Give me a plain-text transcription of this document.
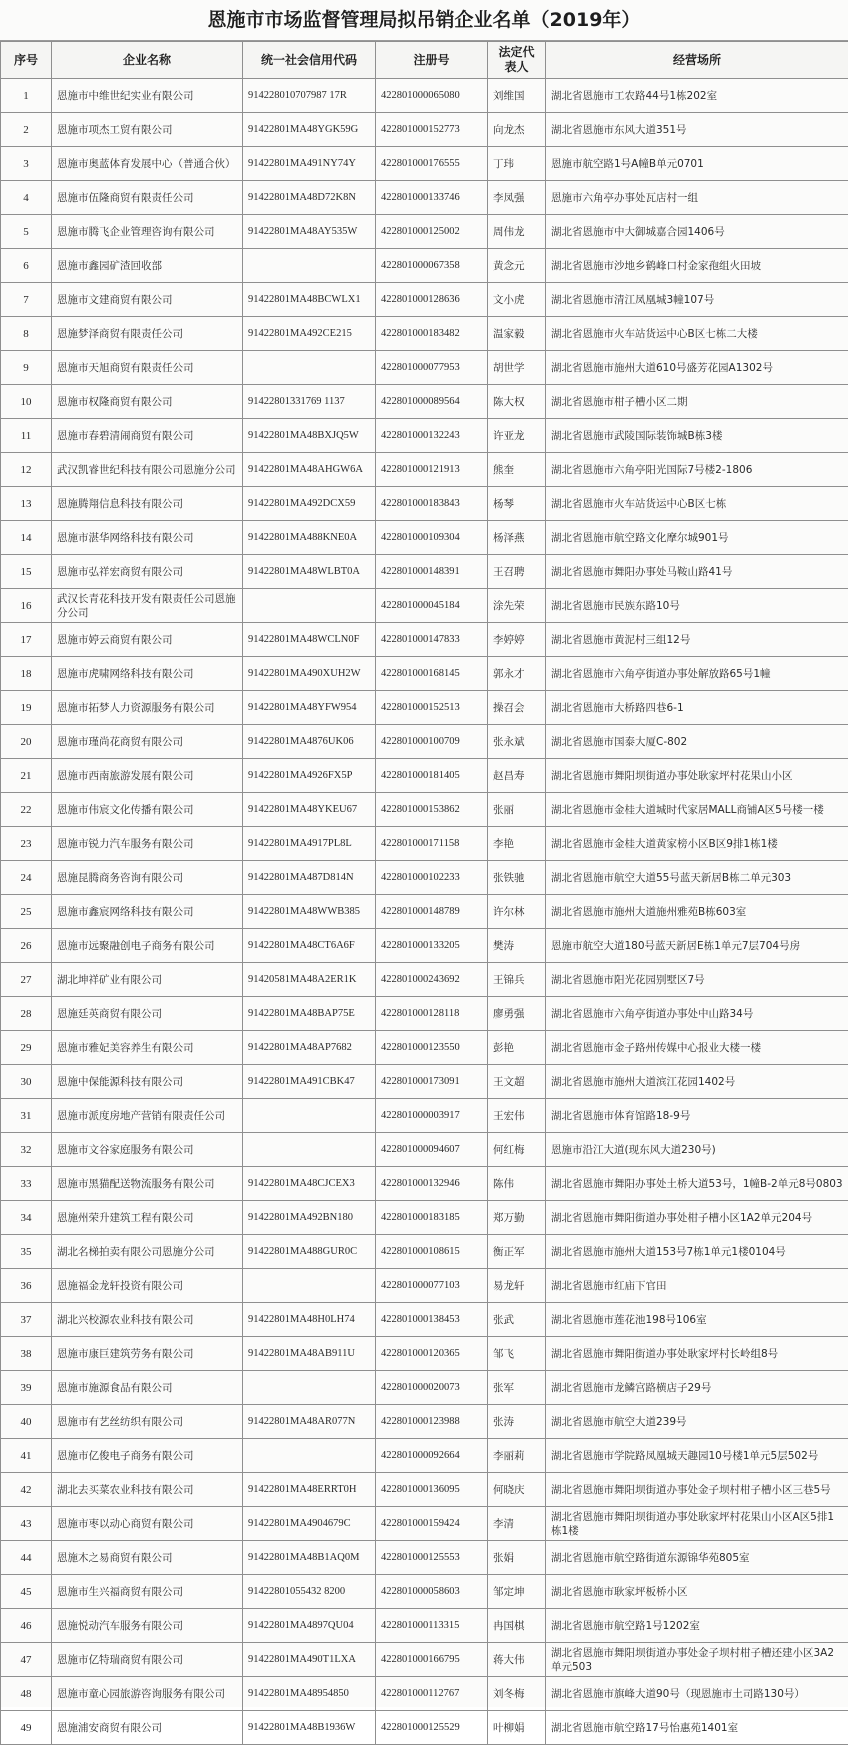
恩施市市场监督管理局拟吊销企业名单（2019年）
序号	企业名称	统一社会信用代码	注册号	法定代表人	经营场所
1	恩施市中维世纪实业有限公司	914228010707987 17R	422801000065080	刘维国	湖北省恩施市工农路44号1栋202室
2	恩施市项杰工贸有限公司	91422801MA48YGK59G	422801000152773	向龙杰	湖北省恩施市东风大道351号
3	恩施市奥蓝体育发展中心（普通合伙）	91422801MA491NY74Y	422801000176555	丁玮	恩施市航空路1号A幢B单元0701
4	恩施市伍隆商贸有限责任公司	91422801MA48D72K8N	422801000133746	李凤强	恩施市六角亭办事处瓦店村一组
5	恩施市腾飞企业管理咨询有限公司	91422801MA48AY535W	422801000125002	周伟龙	湖北省恩施市中大御城嘉合园1406号
6	恩施市鑫园矿渣回收部		422801000067358	黄念元	湖北省恩施市沙地乡鹤峰口村金家孢组火田坡
7	恩施市文建商贸有限公司	91422801MA48BCWLX1	422801000128636	文小虎	湖北省恩施市清江凤凰城3幢107号
8	恩施梦泽商贸有限责任公司	91422801MA492CE215	422801000183482	温家毅	湖北省恩施市火车站货运中心B区七栋二大楼
9	恩施市天旭商贸有限责任公司		422801000077953	胡世学	湖北省恩施市施州大道610号盛芳花园A1302号
10	恩施市权隆商贸有限公司	91422801331769 1137	422801000089564	陈大权	湖北省恩施市柑子槽小区二期
11	恩施市春碧清闹商贸有限公司	91422801MA48BXJQ5W	422801000132243	许亚龙	湖北省恩施市武陵国际装饰城B栋3楼
12	武汉凯睿世纪科技有限公司恩施分公司	91422801MA48AHGW6A	422801000121913	熊奎	湖北省恩施市六角亭阳光国际7号楼2-1806
13	恩施腾翔信息科技有限公司	91422801MA492DCX59	422801000183843	杨琴	湖北省恩施市火车站货运中心B区七栋
14	恩施市湛华网络科技有限公司	91422801MA488KNE0A	422801000109304	杨泽燕	湖北省恩施市航空路文化摩尔城901号
15	恩施市弘祥宏商贸有限公司	91422801MA48WLBT0A	422801000148391	王召聘	湖北省恩施市舞阳办事处马鞍山路41号
16	武汉长青花科技开发有限责任公司恩施分公司		422801000045184	涂先荣	湖北省恩施市民族东路10号
17	恩施市婷云商贸有限公司	91422801MA48WCLN0F	422801000147833	李婷婷	湖北省恩施市黄泥村三组12号
18	恩施市虎啸网络科技有限公司	91422801MA490XUH2W	422801000168145	郭永才	湖北省恩施市六角亭街道办事处解放路65号1幢
19	恩施市拓梦人力资源服务有限公司	91422801MA48YFW954	422801000152513	操召会	湖北省恩施市大桥路四巷6-1
20	恩施市瑾尚花商贸有限公司	91422801MA4876UK06	422801000100709	张永斌	湖北省恩施市国泰大厦C-802
21	恩施市西南旅游发展有限公司	91422801MA4926FX5P	422801000181405	赵昌寿	湖北省恩施市舞阳坝街道办事处耿家坪村花果山小区
22	恩施市伟宸文化传播有限公司	91422801MA48YKEU67	422801000153862	张丽	湖北省恩施市金桂大道城时代家居MALL商铺A区5号楼一楼
23	恩施市锐力汽车服务有限公司	91422801MA4917PL8L	422801000171158	李艳	湖北省恩施市金桂大道黄家榜小区B区9排1栋1楼
24	恩施昆腾商务咨询有限公司	91422801MA487D814N	422801000102233	张铁驰	湖北省恩施市航空大道55号蓝天新居B栋二单元303
25	恩施市鑫宸网络科技有限公司	91422801MA48WWB385	422801000148789	许尔林	湖北省恩施市施州大道施州雅苑B栋603室
26	恩施市远聚融创电子商务有限公司	91422801MA48CT6A6F	422801000133205	樊涛	恩施市航空大道180号蓝天新居E栋1单元7层704号房
27	湖北坤祥矿业有限公司	91420581MA48A2ER1K	422801000243692	王锦兵	湖北省恩施市阳光花园别墅区7号
28	恩施廷英商贸有限公司	91422801MA48BAP75E	422801000128118	廖勇强	湖北省恩施市六角亭街道办事处中山路34号
29	恩施市雅妃美容养生有限公司	91422801MA48AP7682	422801000123550	彭艳	湖北省恩施市金子路州传媒中心报业大楼一楼
30	恩施中保能源科技有限公司	91422801MA491CBK47	422801000173091	王文超	湖北省恩施市施州大道滨江花园1402号
31	恩施市派度房地产营销有限责任公司		422801000003917	王宏伟	湖北省恩施市体育馆路18-9号
32	恩施市文谷家庭服务有限公司		422801000094607	何红梅	恩施市沿江大道(现东风大道230号)
33	恩施市黑猫配送物流服务有限公司	91422801MA48CJCEX3	422801000132946	陈伟	湖北省恩施市舞阳办事处土桥大道53号，1幢B-2单元8号0803
34	恩施州荣升建筑工程有限公司	91422801MA492BN180	422801000183185	郑万勤	湖北省恩施市舞阳街道办事处柑子槽小区1A2单元204号
35	湖北名梯拍卖有限公司恩施分公司	91422801MA488GUR0C	422801000108615	衡正军	湖北省恩施市施州大道153号7栋1单元1楼0104号
36	恩施福金龙轩投资有限公司		422801000077103	易龙轩	湖北省恩施市红庙下官田
37	湖北兴校源农业科技有限公司	91422801MA48H0LH74	422801000138453	张武	湖北省恩施市莲花池198号106室
38	恩施市康巨建筑劳务有限公司	91422801MA48AB911U	422801000120365	邹飞	湖北省恩施市舞阳街道办事处耿家坪村长岭组8号
39	恩施市施源食品有限公司		422801000020073	张军	湖北省恩施市龙鳞宫路横店子29号
40	恩施市有艺丝纺织有限公司	91422801MA48AR077N	422801000123988	张涛	湖北省恩施市航空大道239号
41	恩施市亿俊电子商务有限公司		422801000092664	李丽莉	湖北省恩施市学院路凤凰城天趣园10号楼1单元5层502号
42	湖北去买菜农业科技有限公司	91422801MA48ERRT0H	422801000136095	何晓庆	湖北省恩施市舞阳坝街道办事处金子坝村柑子槽小区三巷5号
43	恩施市枣以动心商贸有限公司	91422801MA4904679C	422801000159424	李清	湖北省恩施市舞阳坝街道办事处耿家坪村花果山小区A区5排1栋1楼
44	恩施木之易商贸有限公司	91422801MA48B1AQ0M	422801000125553	张娟	湖北省恩施市航空路街道东源锦华苑805室
45	恩施市生兴福商贸有限公司	91422801055432 8200	422801000058603	邹定坤	湖北省恩施市耿家坪板桥小区
46	恩施悦动汽车服务有限公司	91422801MA4897QU04	422801000113315	冉国棋	湖北省恩施市航空路1号1202室
47	恩施市亿特瑞商贸有限公司	91422801MA490T1LXA	422801000166795	蒋大伟	湖北省恩施市舞阳坝街道办事处金子坝村柑子槽还建小区3A2单元503
48	恩施市童心园旅游咨询服务有限公司	91422801MA48954850	422801000112767	刘冬梅	湖北省恩施市旗峰大道90号（现恩施市土司路130号）
49	恩施浦安商贸有限公司	91422801MA48B1936W	422801000125529	叶柳娟	湖北省恩施市航空路17号怡惠苑1401室
